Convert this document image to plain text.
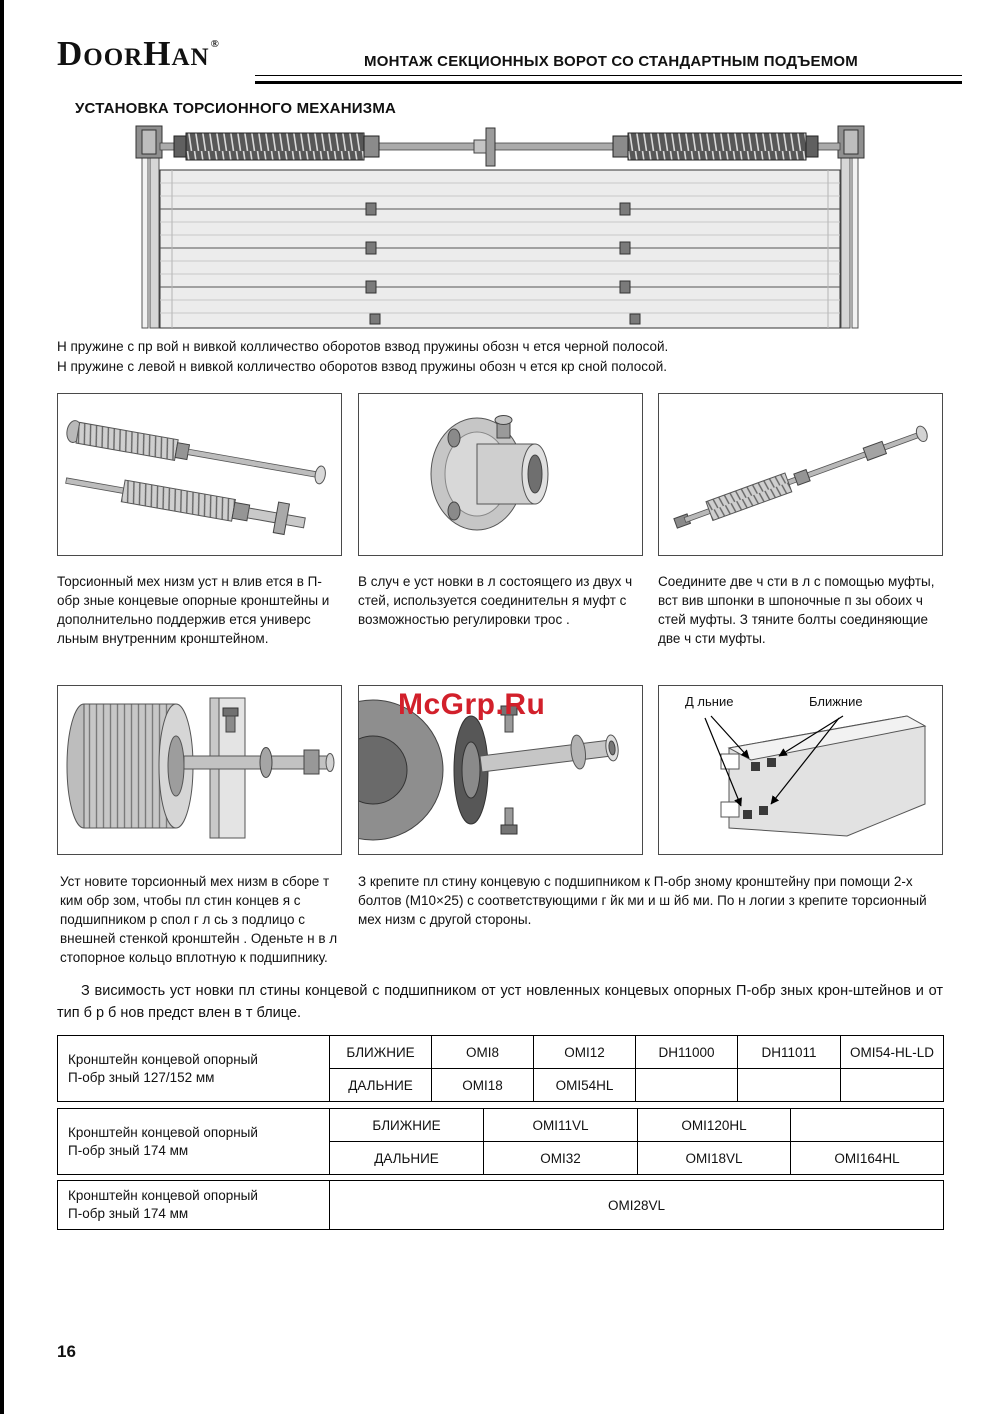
DoorHan®
МОНТАЖ СЕКЦИОННЫХ ВОРОТ СО СТАНДАРТНЫМ ПОДЪЕМОМ
УСТАНОВКА ТОРСИОННОГО МЕХАНИЗМА
Н пружине с пр вой н вивкой колличество оборотов взвод пружины обозн ч ется черной полосой.
Н пружине с левой н вивкой колличество оборотов взвод пружины обозн ч ется кр сной полосой.
Торсионный мех низм уст н влив ется в П-обр зные концевые опорные кронштейны и дополнительно поддержив ется универс льным внутренним кронштейном.
В случ е уст новки в л состоящего из двух ч стей, используется соединительн я муфт с возможностью регулировки трос .
Соедините две ч сти в л с помощью муфты, вст вив шпонки в шпоночные п зы обоих ч стей муфты. З тяните болты соединяющие две ч сти муфты.
McGrp.Ru	Д льние	Ближние
Уст новите торсионный мех низм в сборе т ким обр зом, чтобы пл стин концев я с подшипником р спол г л сь з подлицо с внешней стенкой кронштейн . Оденьте н в л стопорное кольцо вплотную к подшипнику.
З крепите пл стину концевую с подшипником к П-обр зному кронштейну при помощи 2-х болтов (М10×25) с соответствующими г йк ми и ш йб ми. По н логии з крепите торсионный мех низм с другой стороны.
З висимость уст новки пл стины концевой с подшипником от уст новленных концевых опорных П-обр зных крон-штейнов и от тип б р б нов предст влен в т блице.
Кронштейн концевой опорный
П-обр зный 127/152 мм	БЛИЖНИЕ	OMI8	OMI12	DH11000	DH11011	OMI54-HL-LD
	ДАЛЬНИЕ	OMI18	OMI54HL			
Кронштейн концевой опорный
П-обр зный 174 мм	БЛИЖНИЕ	OMI11VL	OMI120HL	
	ДАЛЬНИЕ	OMI32	OMI18VL	OMI164HL
Кронштейн концевой опорный
П-обр зный 174 мм
	OMI28VL
16
